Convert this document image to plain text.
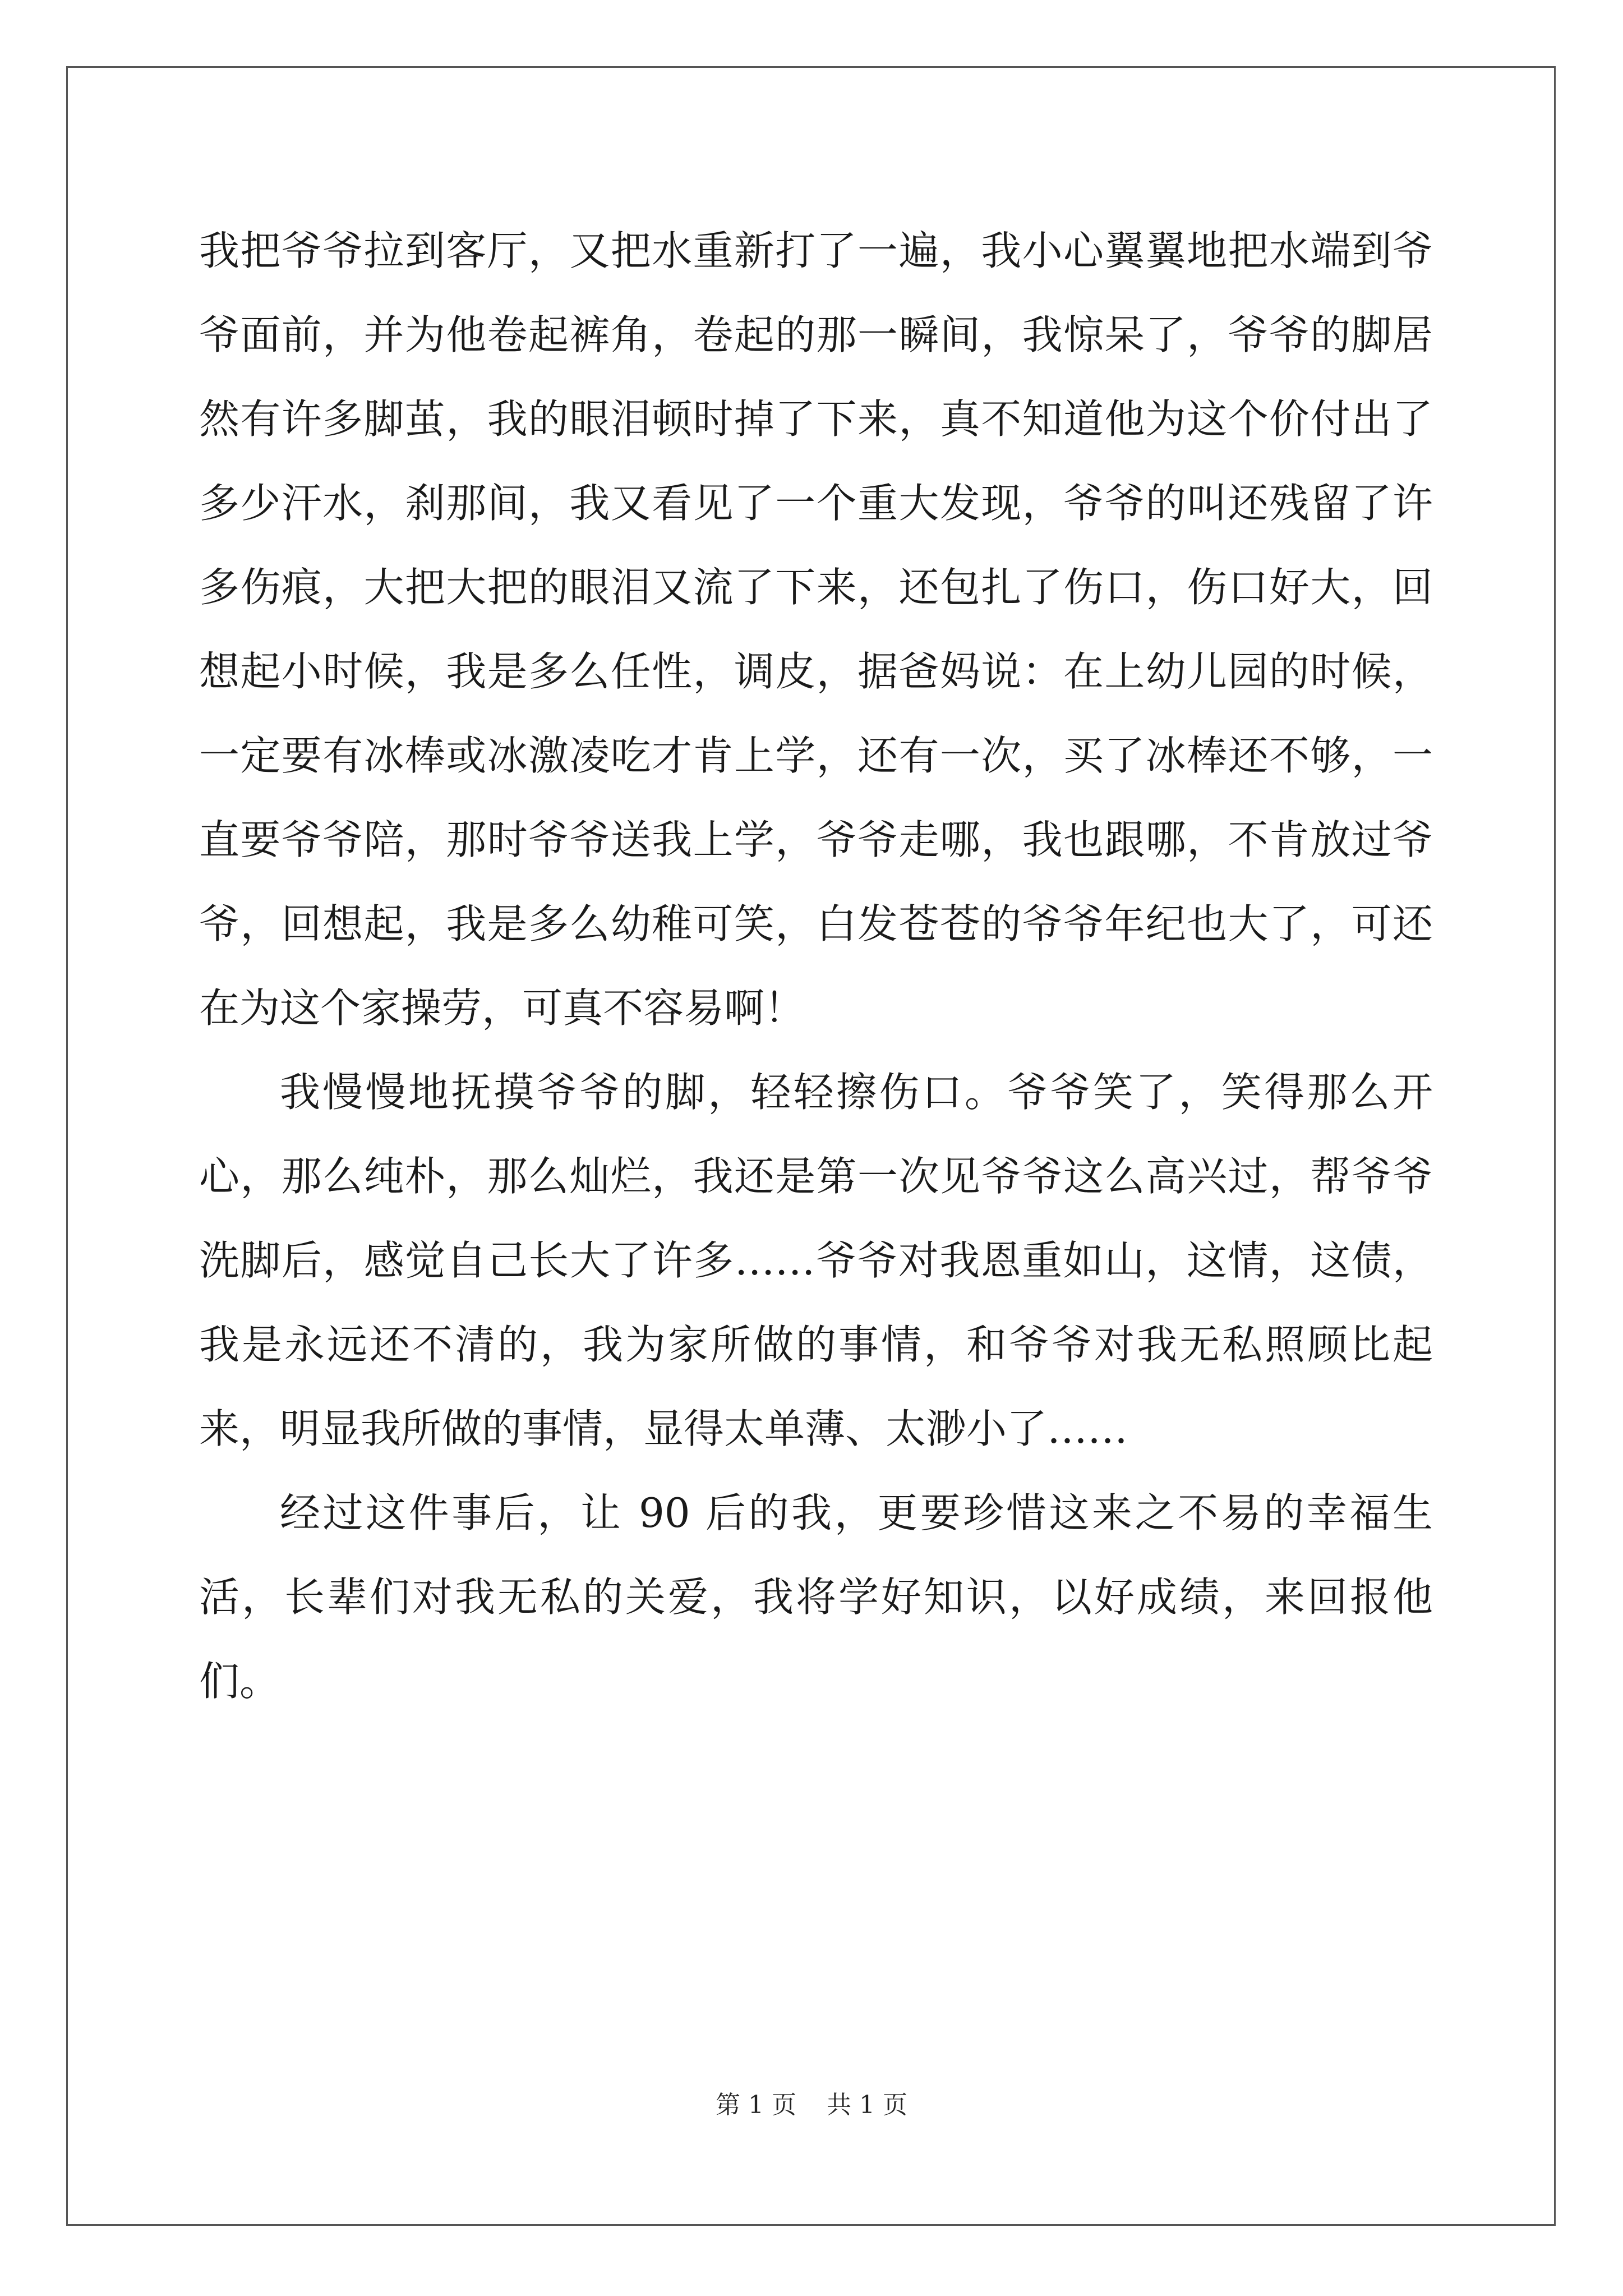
我把爷爷拉到客厅，又把水重新打了一遍，我小心翼翼地把水端到爷爷面前，并为他卷起裤角，卷起的那一瞬间，我惊呆了，爷爷的脚居然有许多脚茧，我的眼泪顿时掉了下来，真不知道他为这个价付出了多少汗水，刹那间，我又看见了一个重大发现，爷爷的叫还残留了许多伤痕，大把大把的眼泪又流了下来，还包扎了伤口，伤口好大，回想起小时候，我是多么任性，调皮，据爸妈说：在上幼儿园的时候，一定要有冰棒或冰激凌吃才肯上学，还有一次，买了冰棒还不够，一直要爷爷陪，那时爷爷送我上学，爷爷走哪，我也跟哪，不肯放过爷爷，回想起，我是多么幼稚可笑，白发苍苍的爷爷年纪也大了，可还在为这个家操劳，可真不容易啊！

我慢慢地抚摸爷爷的脚，轻轻擦伤口。爷爷笑了，笑得那么开心，那么纯朴，那么灿烂，我还是第一次见爷爷这么高兴过，帮爷爷洗脚后，感觉自己长大了许多……爷爷对我恩重如山，这情，这债，我是永远还不清的，我为家所做的事情，和爷爷对我无私照顾比起来，明显我所做的事情，显得太单薄、太渺小了……

经过这件事后，让 90 后的我，更要珍惜这来之不易的幸福生活，长辈们对我无私的关爱，我将学好知识，以好成绩，来回报他们。

第 1 页 共 1 页
